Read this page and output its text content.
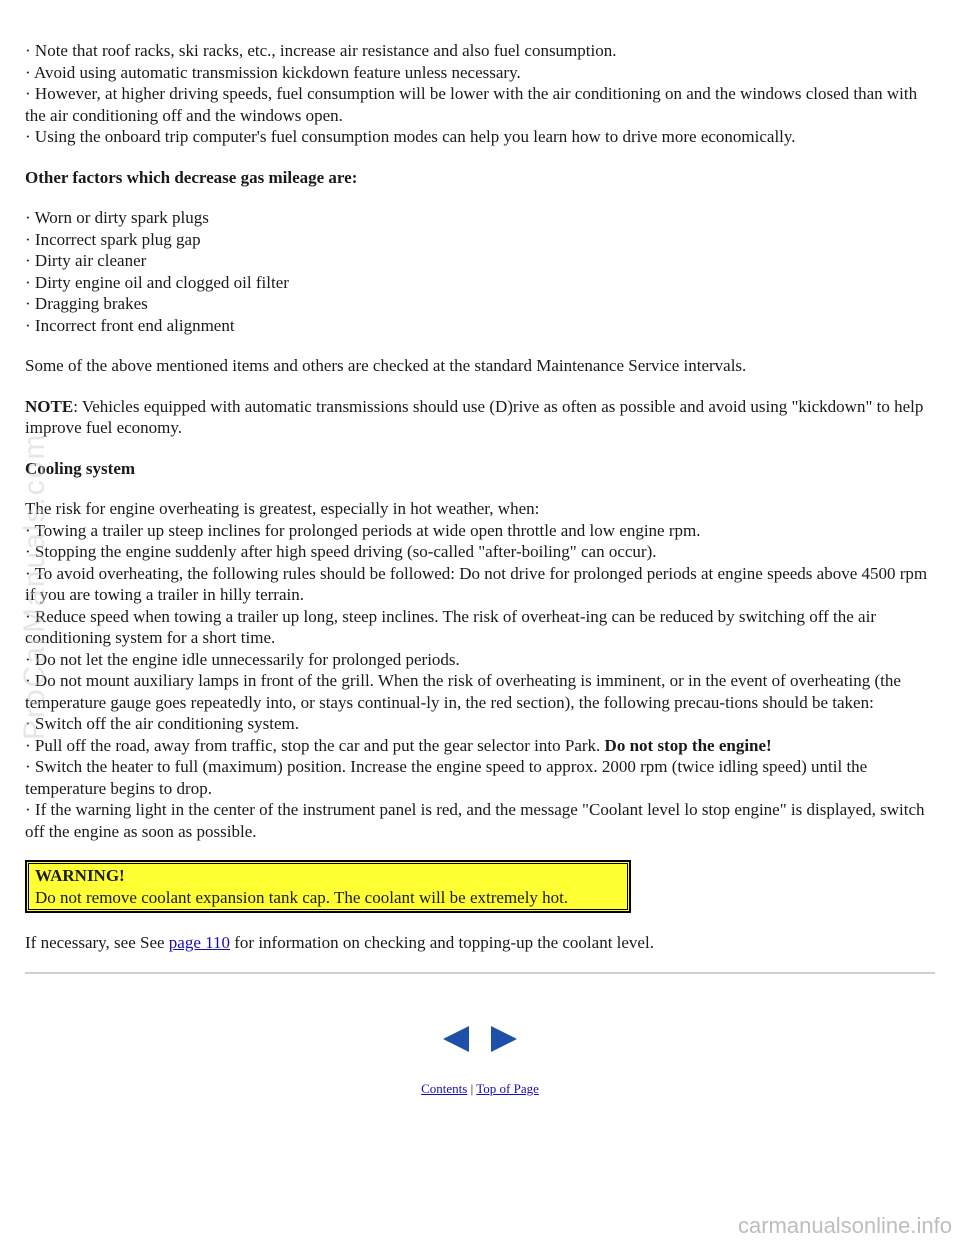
· Note that roof racks, ski racks, etc., increase air resistance and also fuel consumption.

· Avoid using automatic transmission kickdown feature unless necessary.

· However, at higher driving speeds, fuel consumption will be lower with the air conditioning on and the windows closed than with the air conditioning off and the windows open.

· Using the onboard trip computer's fuel consumption modes can help you learn how to drive more economically.

Other factors which decrease gas mileage are:

· Worn or dirty spark plugs

· Incorrect spark plug gap

· Dirty air cleaner

· Dirty engine oil and clogged oil filter

· Dragging brakes

· Incorrect front end alignment

Some of the above mentioned items and others are checked at the standard Maintenance Service intervals.

NOTE: Vehicles equipped with automatic transmissions should use (D)rive as often as possible and avoid using "kickdown" to help improve fuel economy.

Cooling system

The risk for engine overheating is greatest, especially in hot weather, when:

· Towing a trailer up steep inclines for prolonged periods at wide open throttle and low engine rpm.

· Stopping the engine suddenly after high speed driving (so-called "after-boiling" can occur).

· To avoid overheating, the following rules should be followed: Do not drive for prolonged periods at engine speeds above 4500 rpm if you are towing a trailer in hilly terrain.

· Reduce speed when towing a trailer up long, steep inclines. The risk of overheat-ing can be reduced by switching off the air conditioning system for a short time.

· Do not let the engine idle unnecessarily for prolonged periods.

· Do not mount auxiliary lamps in front of the grill. When the risk of overheating is imminent, or in the event of overheating (the temperature gauge goes repeatedly into, or stays continual-ly in, the red section), the following precau-tions should be taken:

· Switch off the air conditioning system.

· Pull off the road, away from traffic, stop the car and put the gear selector into Park. Do not stop the engine!

· Switch the heater to full (maximum) position. Increase the engine speed to approx. 2000 rpm (twice idling speed) until the temperature begins to drop.

· If the warning light in the center of the instrument panel is red, and the message "Coolant level lo stop engine" is displayed, switch off the engine as soon as possible.

WARNING!
Do not remove coolant expansion tank cap. The coolant will be extremely hot.

If necessary, see See page 110 for information on checking and topping-up the coolant level.

Contents | Top of Page
ProCarManuals.com
carmanualsonline.info
